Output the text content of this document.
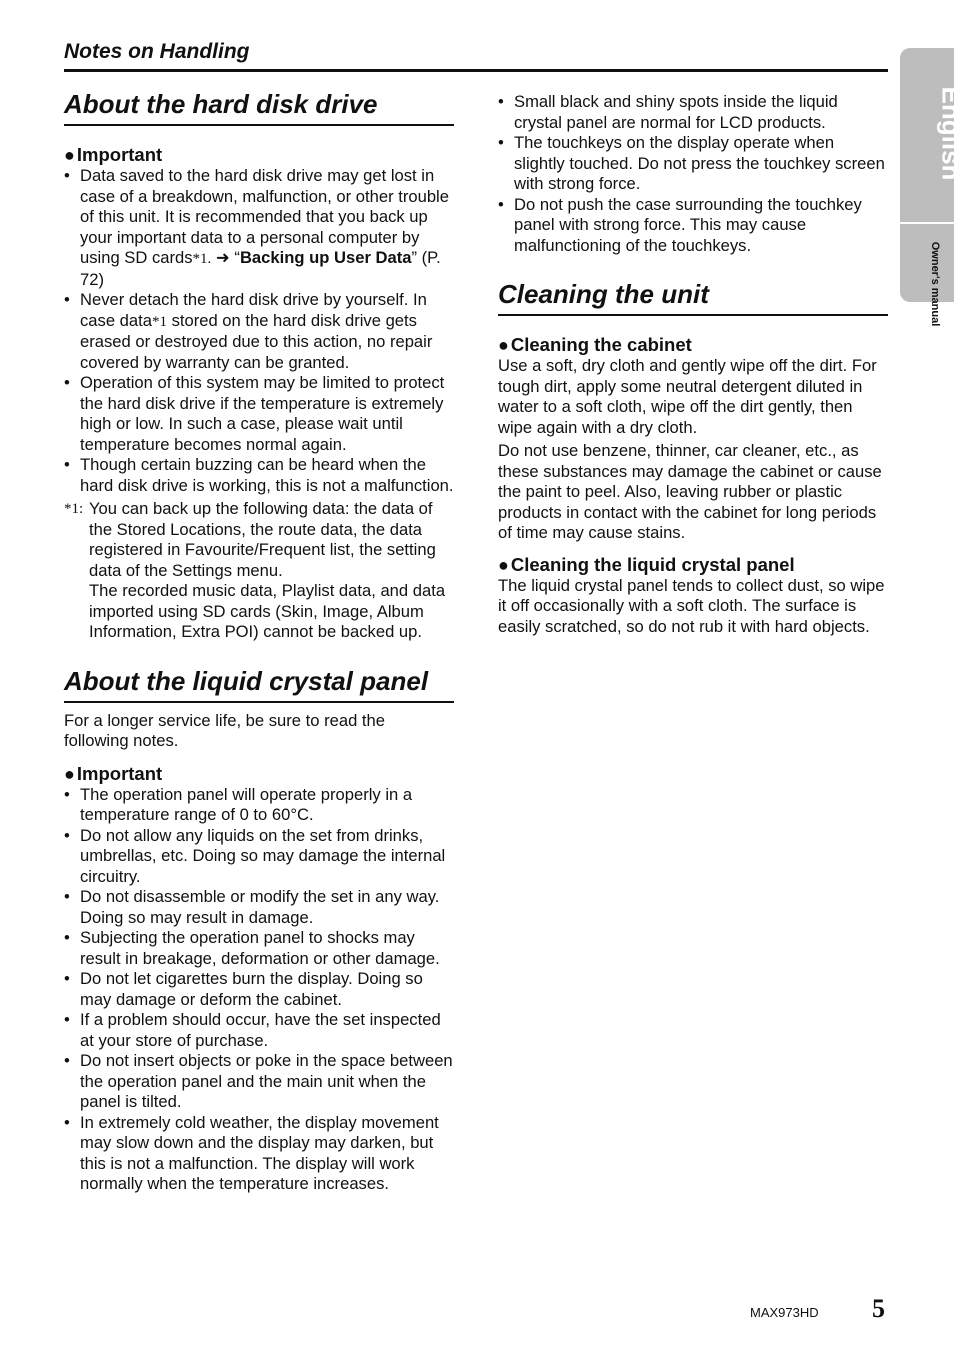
Notes on Handling
English
Owner's manual
About the hard disk drive
● Important
• Data saved to the hard disk drive may get lost in case of a breakdown, malfunction, or other trouble of this unit. It is recommended that you back up your important data to a personal computer by using SD cards*1. ➜ “Backing up User Data” (P. 72)
• Never detach the hard disk drive by yourself. In case data*1 stored on the hard disk drive gets erased or destroyed due to this action, no repair covered by warranty can be granted.
• Operation of this system may be limited to protect the hard disk drive if the temperature is extremely high or low. In such a case, please wait until temperature becomes normal again.
• Though certain buzzing can be heard when the hard disk drive is working, this is not a malfunction.
*1: You can back up the following data: the data of the Stored Locations, the route data, the data registered in Favourite/Frequent list, the setting data of the Settings menu.

The recorded music data, Playlist data, and data imported using SD cards (Skin, Image, Album Information, Extra POI) cannot be backed up.

About the liquid crystal panel

For a longer service life, be sure to read the following notes.

● Important
• The operation panel will operate properly in a temperature range of 0 to 60°C.
• Do not allow any liquids on the set from drinks, umbrellas, etc. Doing so may damage the internal circuitry.
• Do not disassemble or modify the set in any way. Doing so may result in damage.
• Subjecting the operation panel to shocks may result in breakage, deformation or other damage.
• Do not let cigarettes burn the display. Doing so may damage or deform the cabinet.
• If a problem should occur, have the set inspected at your store of purchase.
• Do not insert objects or poke in the space between the operation panel and the main unit when the panel is tilted.
• In extremely cold weather, the display movement may slow down and the display may darken, but this is not a malfunction. The display will work normally when the temperature increases.
• Small black and shiny spots inside the liquid crystal panel are normal for LCD products.
• The touchkeys on the display operate when slightly touched. Do not press the touchkey screen with strong force.
• Do not push the case surrounding the touchkey panel with strong force. This may cause malfunctioning of the touchkeys.
Cleaning the unit
● Cleaning the cabinet

Use a soft, dry cloth and gently wipe off the dirt. For tough dirt, apply some neutral detergent diluted in water to a soft cloth, wipe off the dirt gently, then wipe again with a dry cloth.

Do not use benzene, thinner, car cleaner, etc., as these substances may damage the cabinet or cause the paint to peel. Also, leaving rubber or plastic products in contact with the cabinet for long periods of time may cause stains.

● Cleaning the liquid crystal panel

The liquid crystal panel tends to collect dust, so wipe it off occasionally with a soft cloth. The surface is easily scratched, so do not rub it with hard objects.

MAX973HD 5
